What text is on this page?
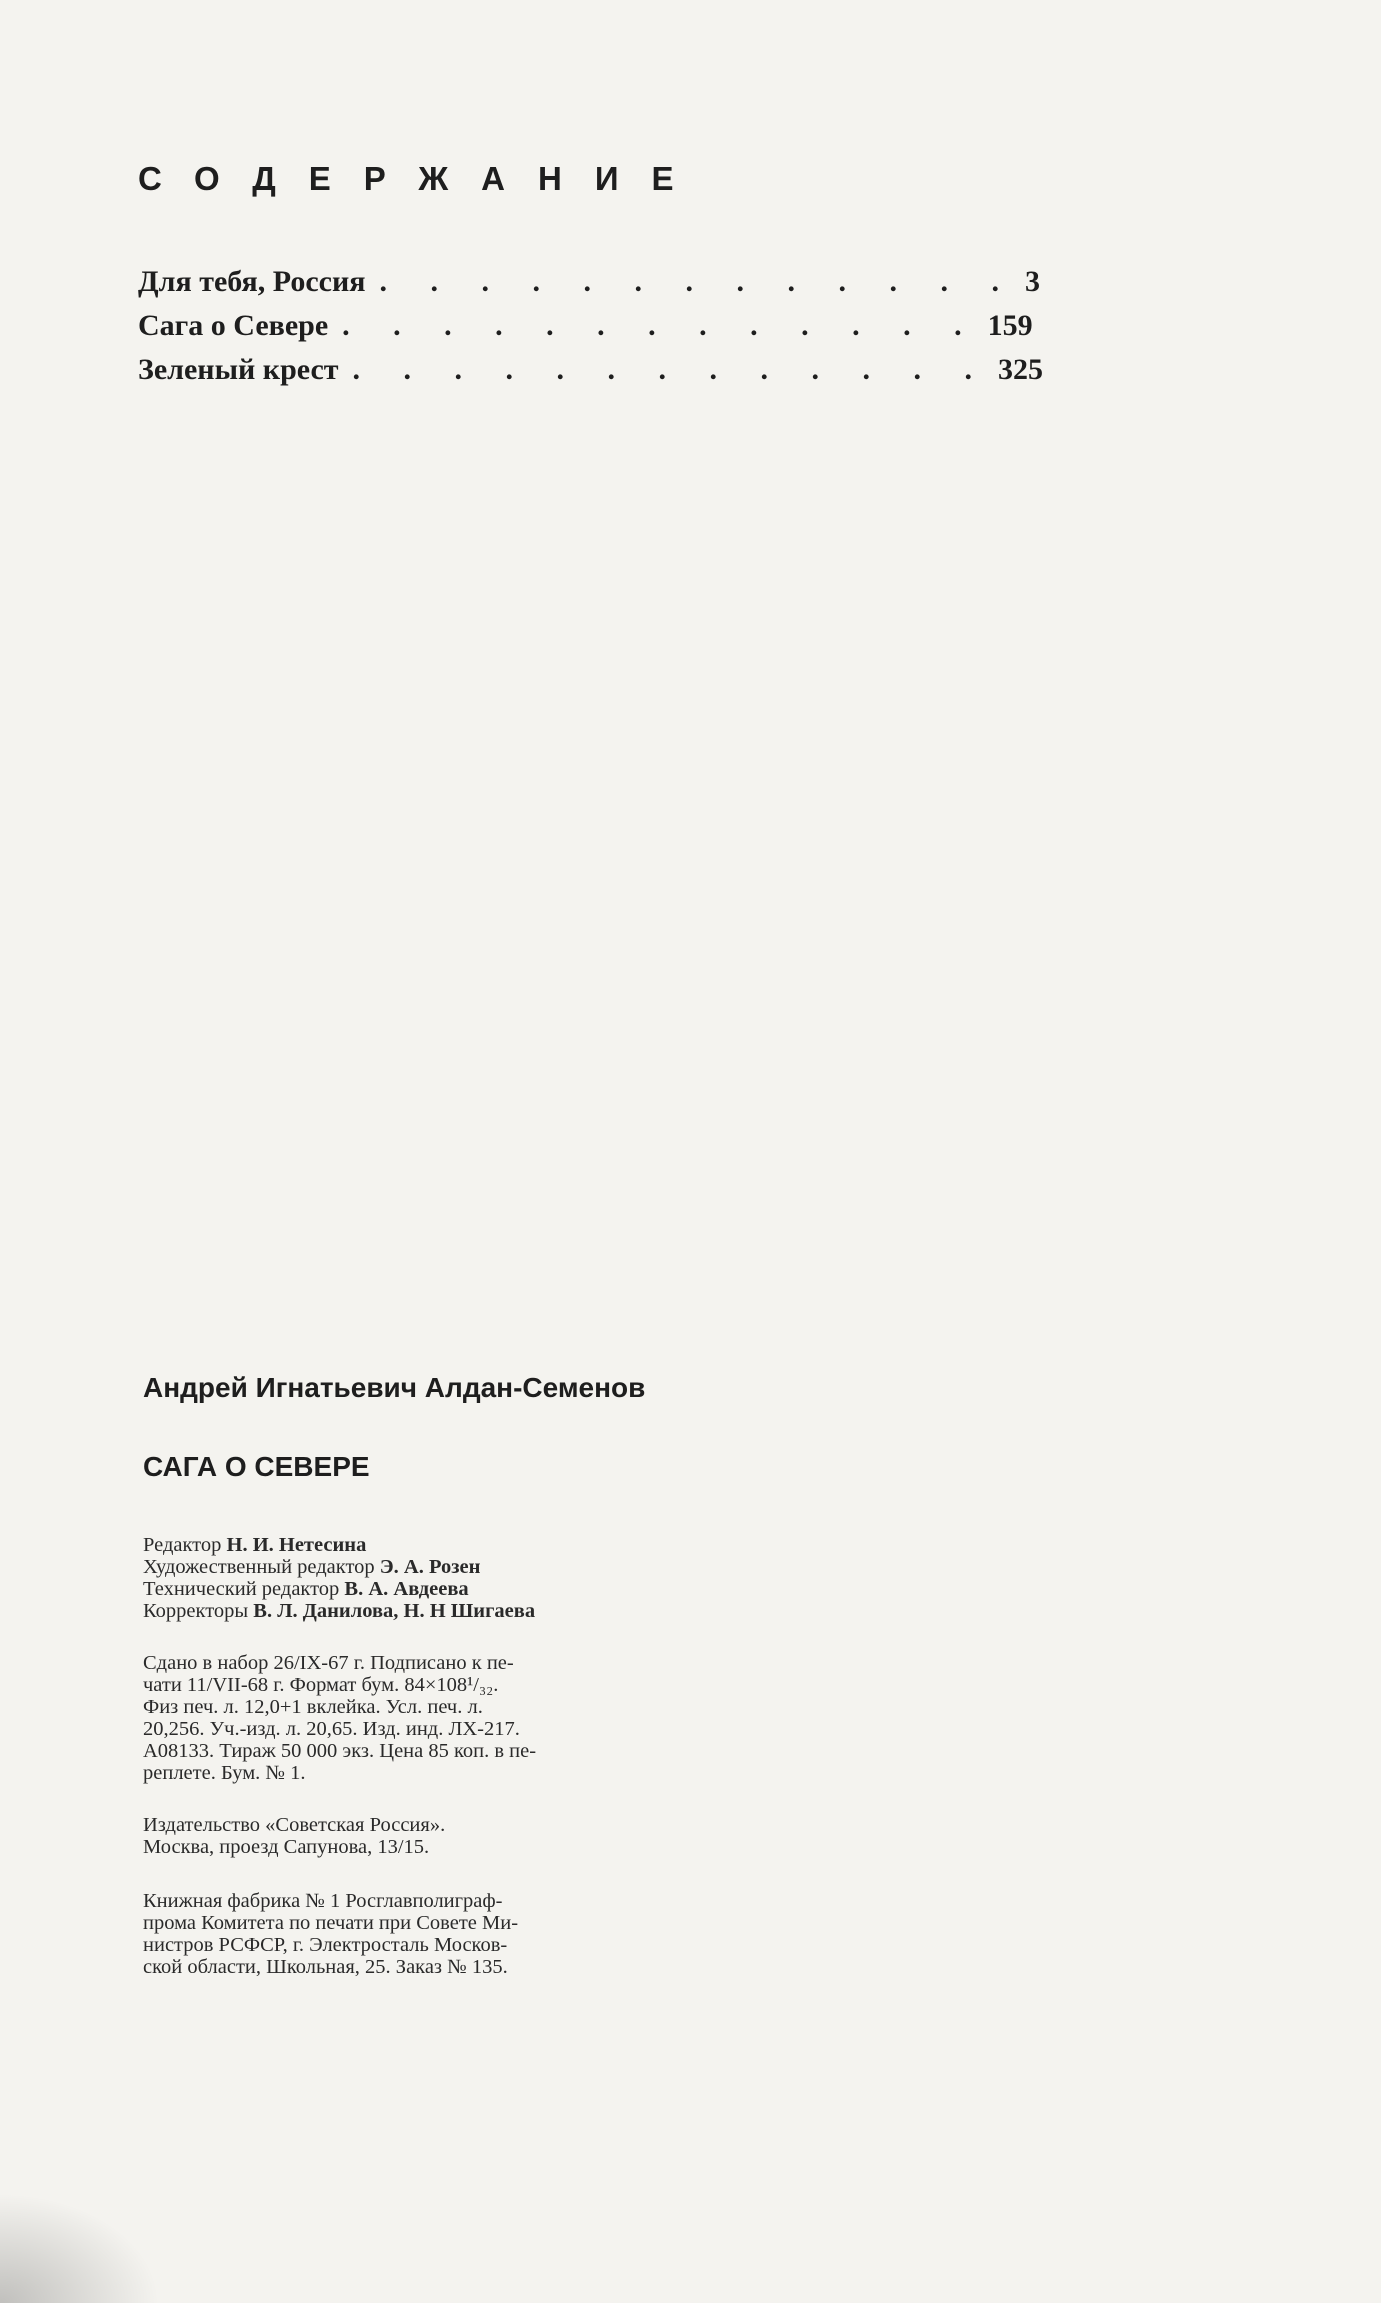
СОДЕРЖАНИЕ
Для тебя, Россия . . . . . . . . . . . . . 3
Сага о Севере . . . . . . . . . . . . . 159
Зеленый крест . . . . . . . . . . . . . 325
Андрей Игнатьевич Алдан-Семенов
САГА О СЕВЕРЕ

Редактор Н. И. Нетесина

Художественный редактор Э. А. Розен

Технический редактор В. А. Авдеева

Корректоры В. Л. Данилова, Н. Н Шигаева

Сдано в набор 26/IX-67 г. Подписано к пе-

чати 11/VII-68 г. Формат бум. 84×108¹/₃₂.

Физ печ. л. 12,0+1 вклейка. Усл. печ. л.

20,256. Уч.-изд. л. 20,65. Изд. инд. ЛХ-217.

А08133. Тираж 50 000 экз. Цена 85 коп. в пе-

реплете. Бум. № 1.

Издательство «Советская Россия».

Москва, проезд Сапунова, 13/15.

Книжная фабрика № 1 Росглавполиграф-

прома Комитета по печати при Совете Ми-

нистров РСФСР, г. Электросталь Москов-

ской области, Школьная, 25. Заказ № 135.
